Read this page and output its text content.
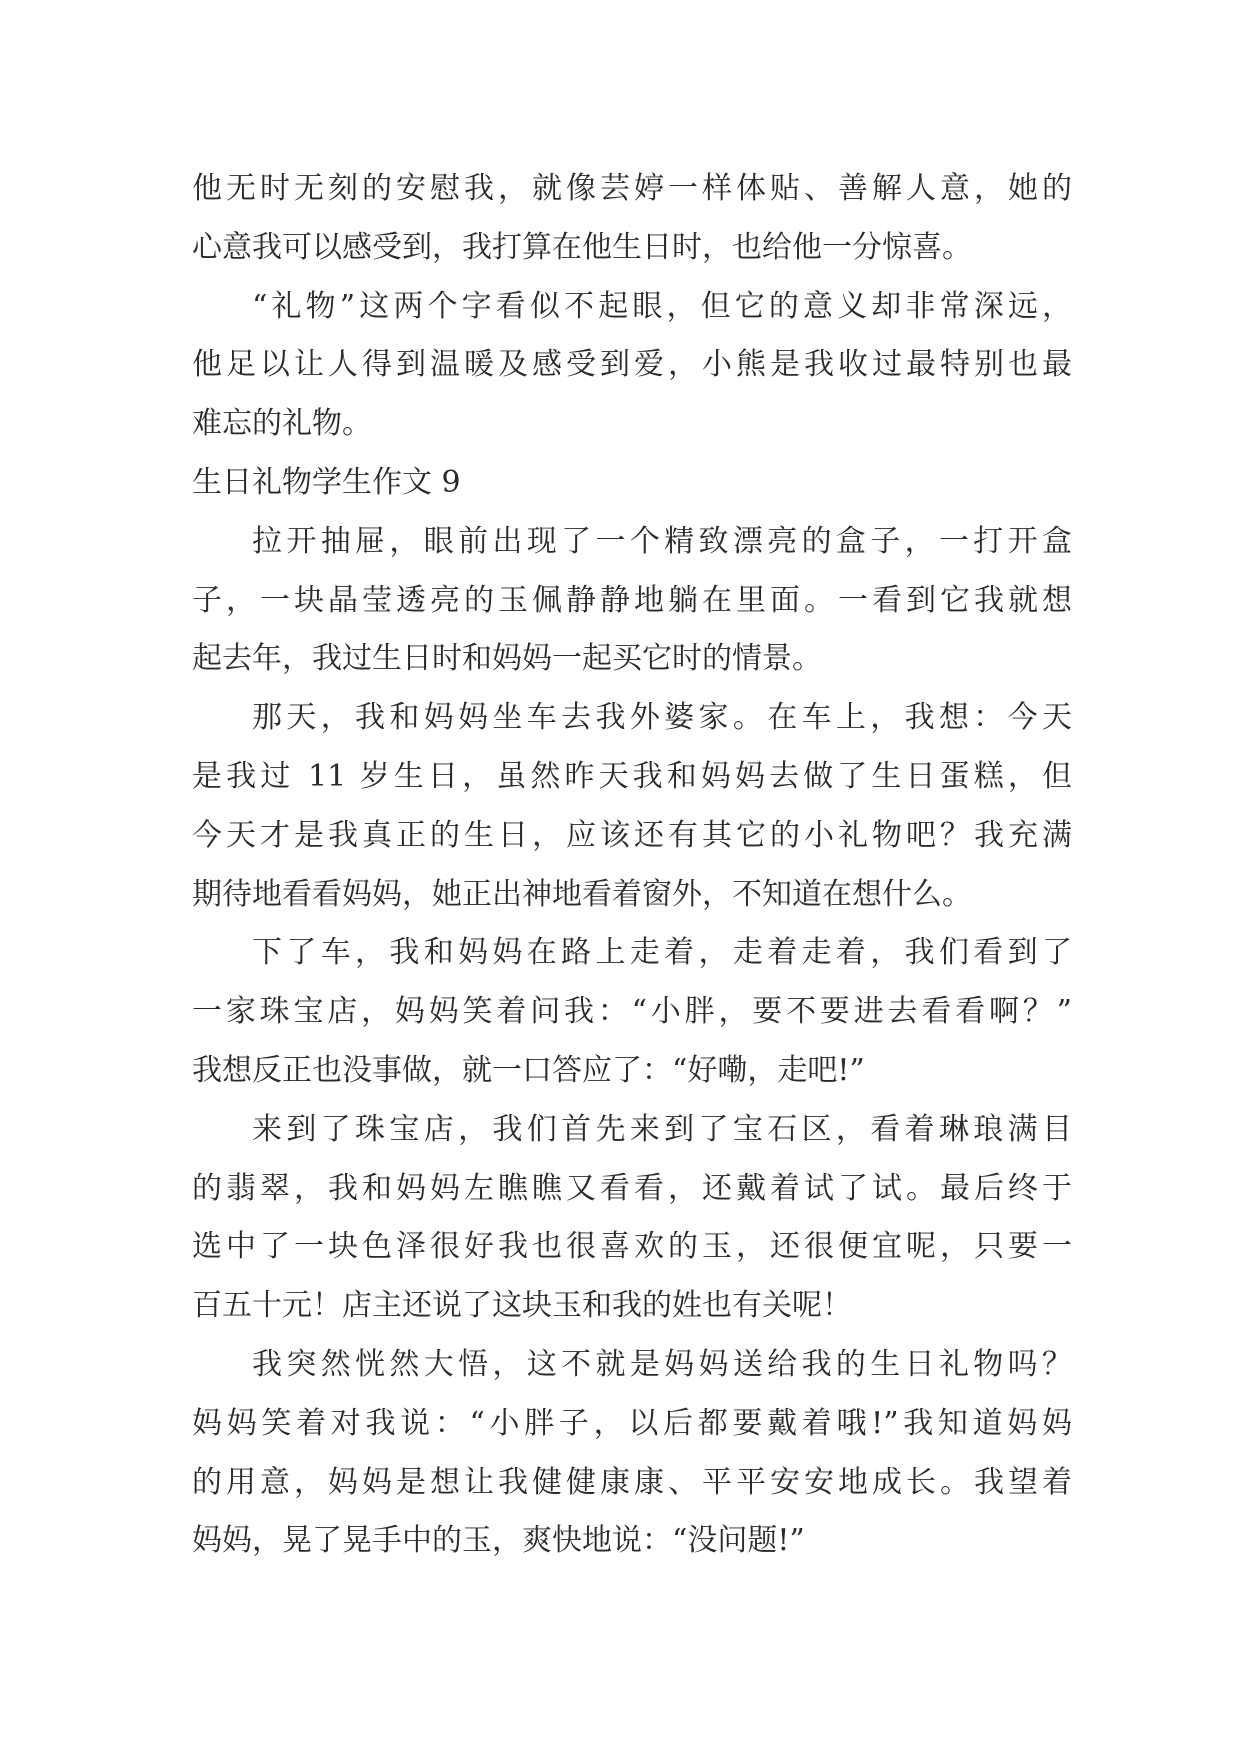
他无时无刻的安慰我，就像芸婷一样体贴、善解人意，她的
心意我可以感受到，我打算在他生日时，也给他一分惊喜。
“礼物”这两个字看似不起眼，但它的意义却非常深远，
他足以让人得到温暖及感受到爱，小熊是我收过最特别也最
难忘的礼物。
生日礼物学生作文 9
拉开抽屉，眼前出现了一个精致漂亮的盒子，一打开盒
子，一块晶莹透亮的玉佩静静地躺在里面。一看到它我就想
起去年，我过生日时和妈妈一起买它时的情景。
那天，我和妈妈坐车去我外婆家。在车上，我想：今天
是我过 11 岁生日，虽然昨天我和妈妈去做了生日蛋糕，但
今天才是我真正的生日，应该还有其它的小礼物吧？我充满
期待地看看妈妈，她正出神地看着窗外，不知道在想什么。
下了车，我和妈妈在路上走着，走着走着，我们看到了
一家珠宝店，妈妈笑着问我：“小胖，要不要进去看看啊？”
我想反正也没事做，就一口答应了：“好嘞，走吧!”
来到了珠宝店，我们首先来到了宝石区，看着琳琅满目
的翡翠，我和妈妈左瞧瞧又看看，还戴着试了试。最后终于
选中了一块色泽很好我也很喜欢的玉，还很便宜呢，只要一
百五十元！店主还说了这块玉和我的姓也有关呢！
我突然恍然大悟，这不就是妈妈送给我的生日礼物吗？
妈妈笑着对我说：“小胖子，以后都要戴着哦!”我知道妈妈
的用意，妈妈是想让我健健康康、平平安安地成长。我望着
妈妈，晃了晃手中的玉，爽快地说：“没问题!”
